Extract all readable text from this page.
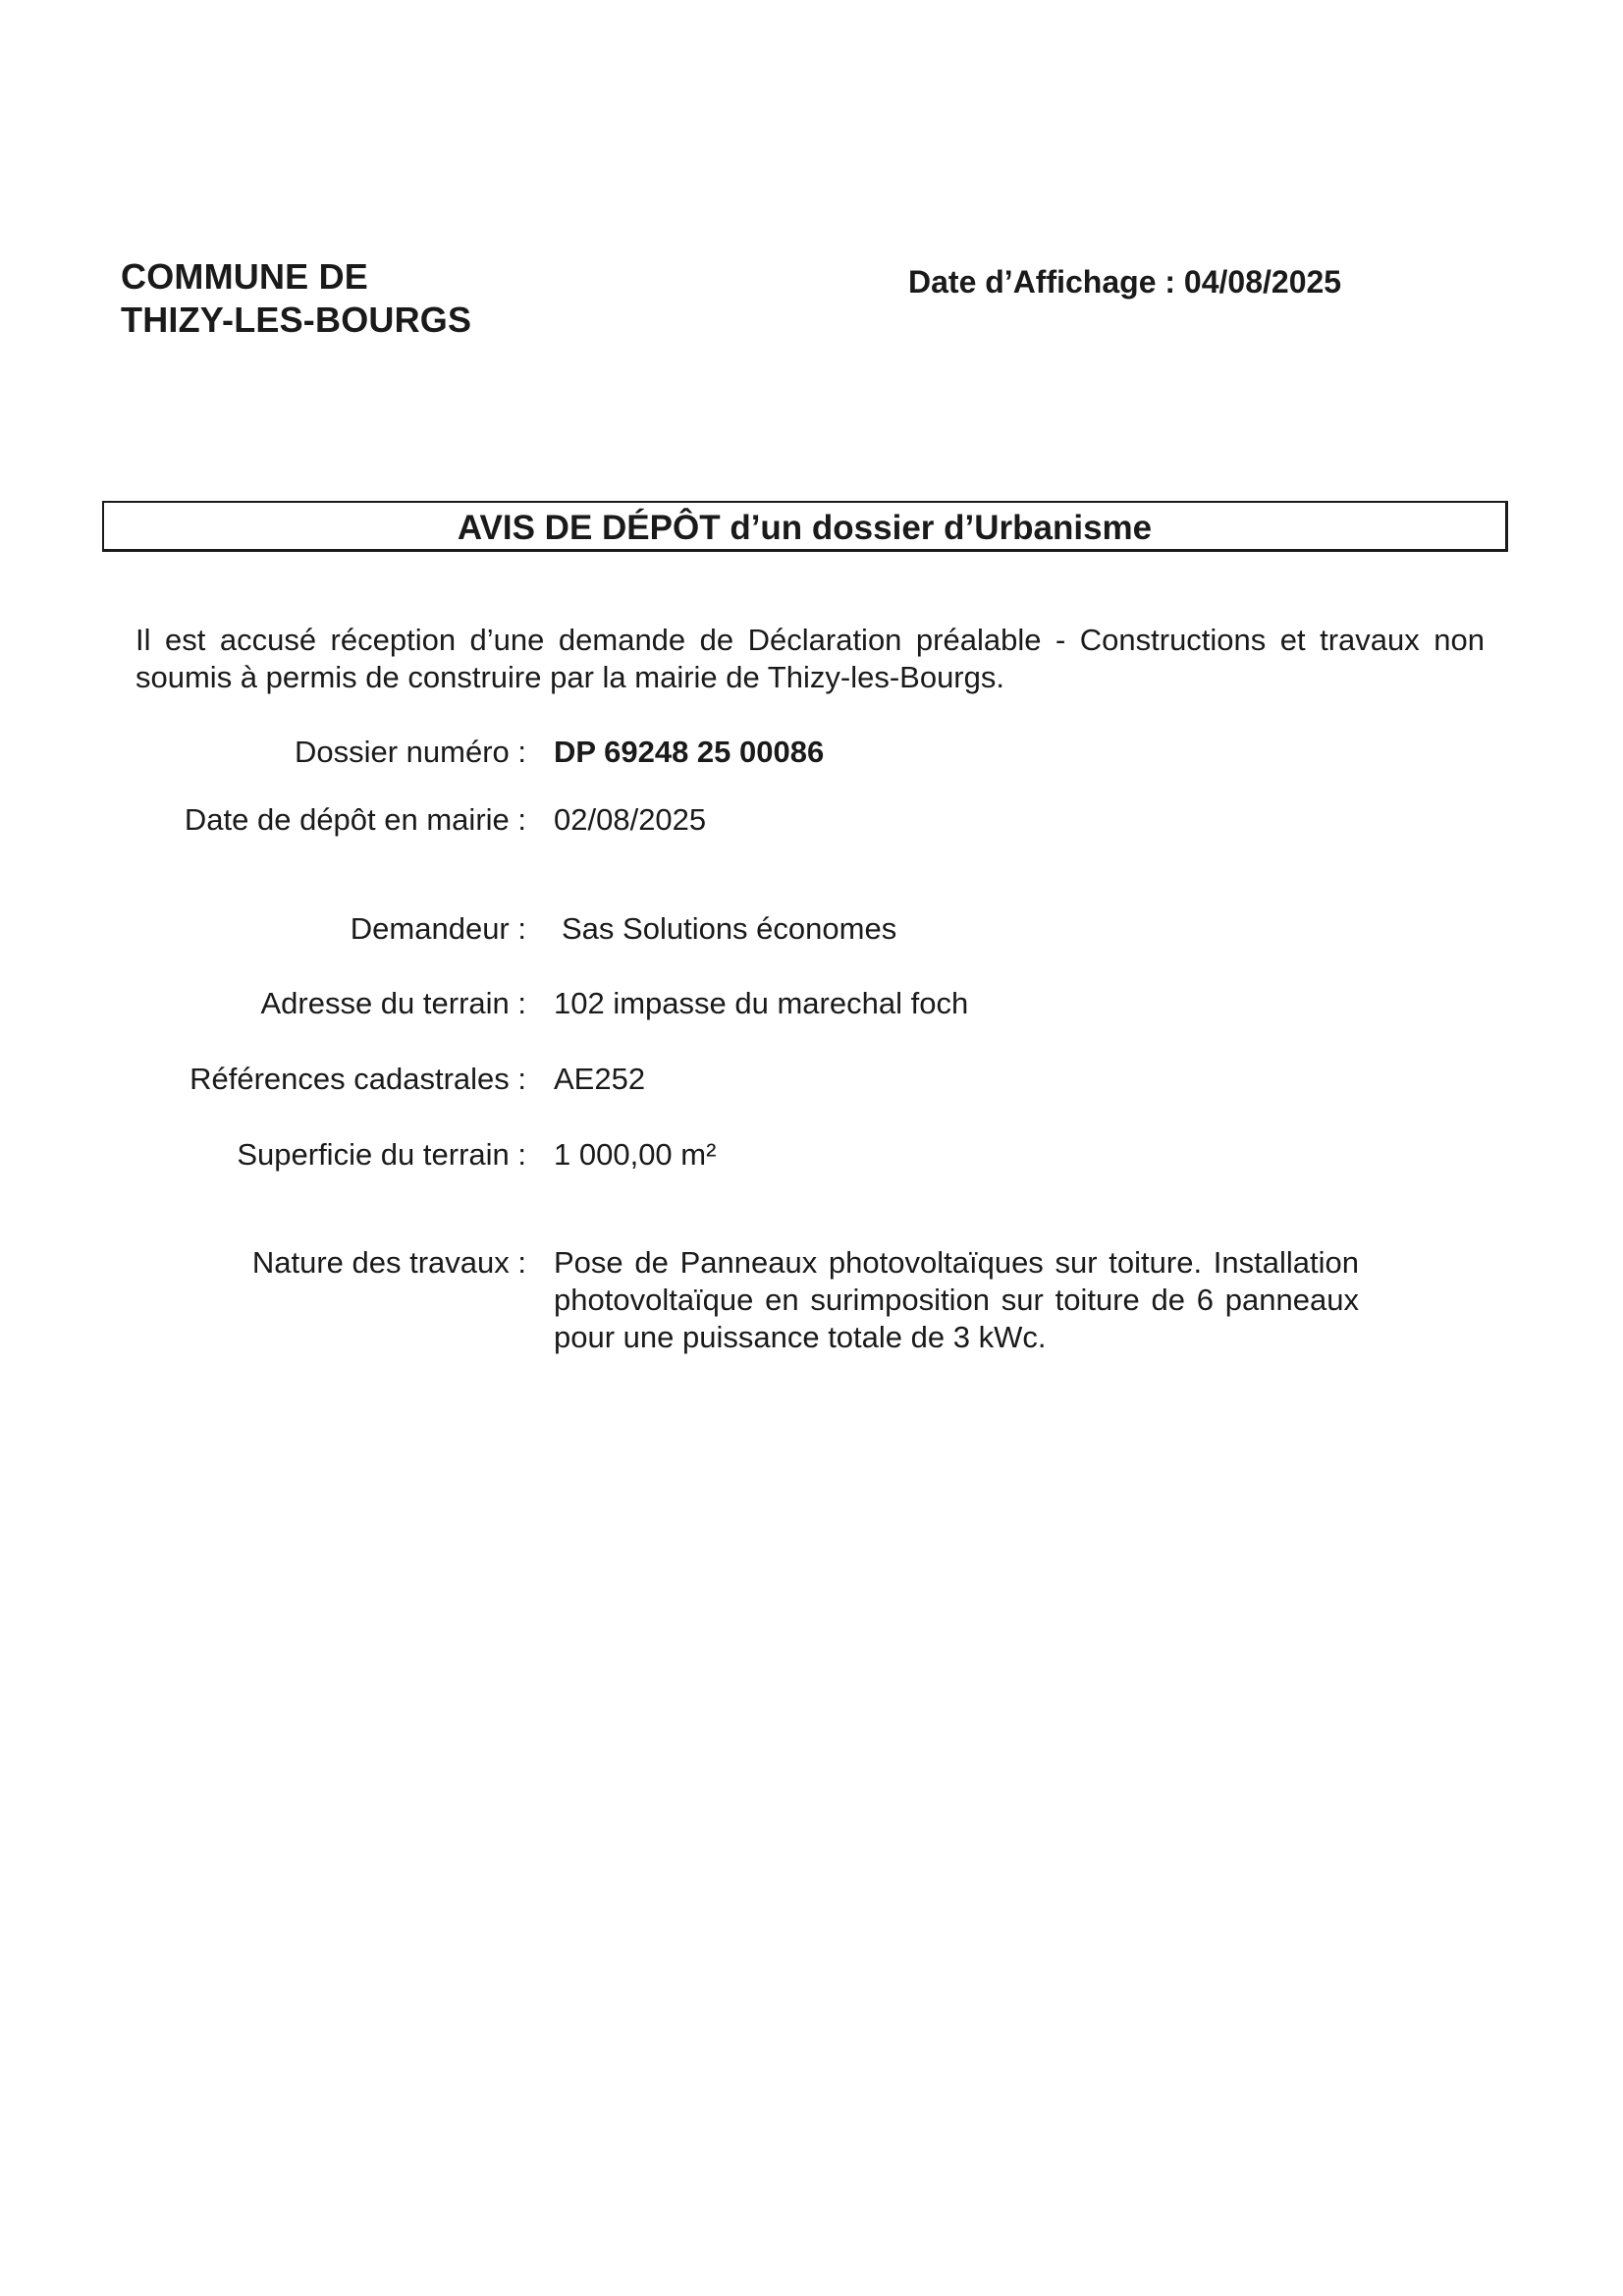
COMMUNE DE
THIZY-LES-BOURGS
Date d’Affichage : 04/08/2025
AVIS DE DÉPÔT d’un dossier d’Urbanisme
Il est accusé réception d’une demande de Déclaration préalable - Constructions et travaux non soumis à permis de construire par la mairie de Thizy-les-Bourgs.
Dossier numéro : DP 69248 25 00086
Date de dépôt en mairie : 02/08/2025
Demandeur : Sas Solutions économes
Adresse du terrain : 102 impasse du marechal foch
Références cadastrales : AE252
Superficie du terrain : 1 000,00 m²
Nature des travaux : Pose de Panneaux photovoltaïques sur toiture. Installation photovoltaïque en surimposition sur toiture de 6 panneaux pour une puissance totale de 3 kWc.
